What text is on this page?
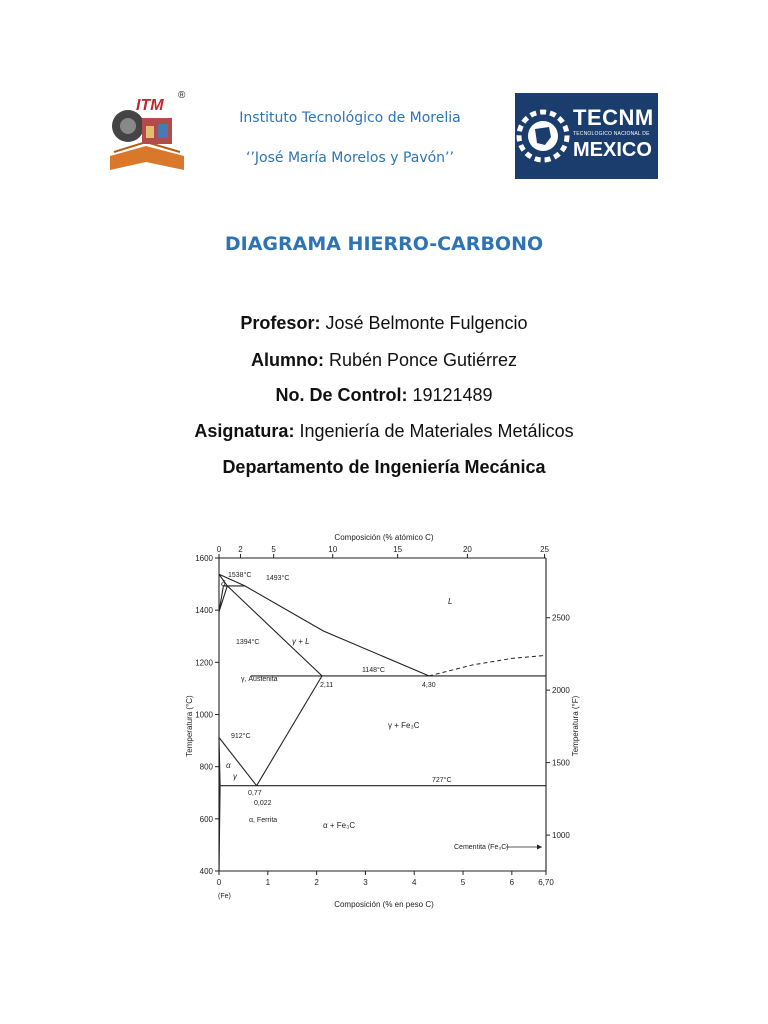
ITM
®
Instituto Tecnológico de Morelia
‘’José María Morelos y Pavón’’
TECNM
TECNOLOGICO NACIONAL DE
MEXICO
DIAGRAMA HIERRO-CARBONO
Profesor: José Belmonte Fulgencio
Alumno: Rubén Ponce Gutiérrez
No. De Control: 19121489
Asignatura: Ingeniería de Materiales Metálicos
Departamento de Ingeniería Mecánica
0	1	2	3	4	5	6	6,70
0 2	5	10	15	20	25
400
600
800
1000
1200
1400
1600
1000
1500
2000
2500
Composición (% atómico C)
Temperatura (°C)	Temperatura (°F)
Composición (% en peso C)
(Fe)
1538°C 1493°C
1394°C
1148°C
912°C
727°C
2,11	4,30
0,77
0,022
δ
L
γ + L
γ, Austenita
γ + Fe₃C
α
γ
α, Ferrita
α + Fe₃C
Cementita (Fe₃C)
